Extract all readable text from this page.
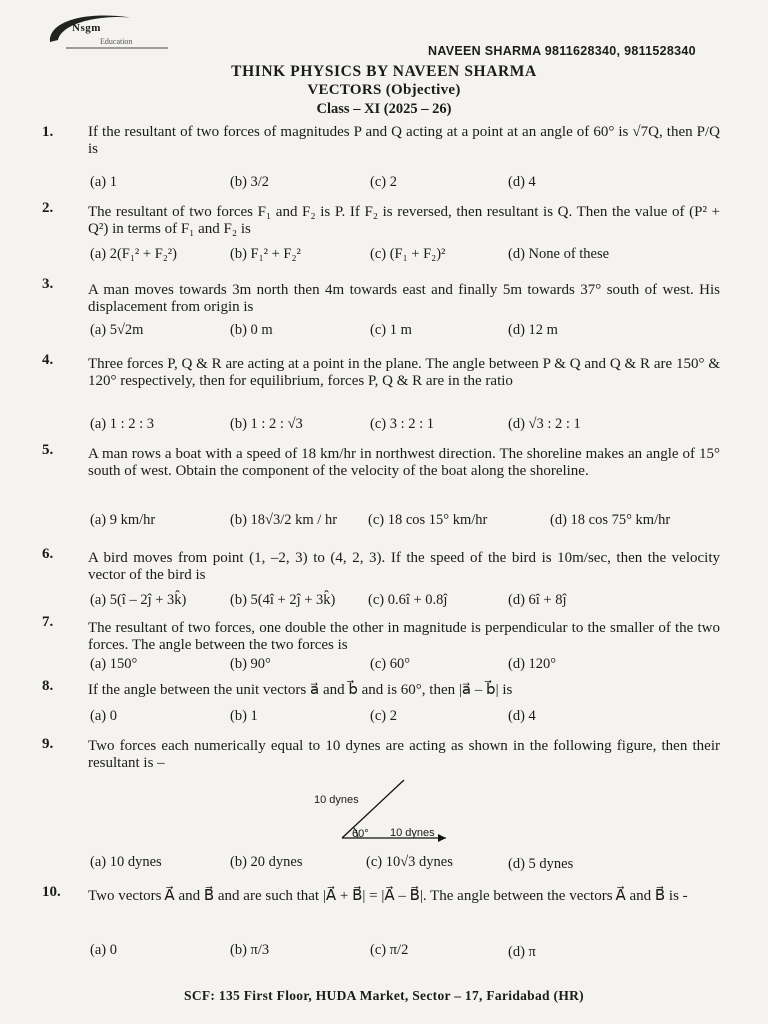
Nsgm
Education
NAVEEN SHARMA 9811628340, 9811528340
THINK PHYSICS BY NAVEEN SHARMA
VECTORS (Objective)
Class – XI (2025 – 26)
1. If the resultant of two forces of magnitudes P and Q acting at a point at an angle of 60° is √7Q, then P/Q is
(a) 1	(b) 3/2	(c) 2	(d) 4
2. The resultant of two forces F₁ and F₂ is P. If F₂ is reversed, then resultant is Q. Then the value of (P² + Q²) in terms of F₁ and F₂ is
(a) 2(F₁² + F₂²)	(b) F₁² + F₂²	(c) (F₁ + F₂)²	(d) None of these
3. A man moves towards 3m north then 4m towards east and finally 5m towards 37° south of west. His displacement from origin is
(a) 5√2m	(b) 0 m	(c) 1 m	(d) 12 m
4. Three forces P, Q & R are acting at a point in the plane. The angle between P & Q and Q & R are 150° & 120° respectively, then for equilibrium, forces P, Q & R are in the ratio
(a) 1 : 2 : 3	(b) 1 : 2 : √3	(c) 3 : 2 : 1	(d) √3 : 2 : 1
5. A man rows a boat with a speed of 18 km/hr in northwest direction. The shoreline makes an angle of 15° south of west. Obtain the component of the velocity of the boat along the shoreline.
(a) 9 km/hr	(b) 18√3/2 km / hr (c) 18 cos 15° km/hr	(d) 18 cos 75° km/hr
6. A bird moves from point (1, –2, 3) to (4, 2, 3). If the speed of the bird is 10m/sec, then the velocity vector of the bird is
(a) 5(î – 2ĵ + 3k̂)	(b) 5(4î + 2ĵ + 3k̂) (c) 0.6î + 0.8ĵ	(d) 6î + 8ĵ
7. The resultant of two forces, one double the other in magnitude is perpendicular to the smaller of the two forces. The angle between the two forces is
(a) 150°	(b) 90°	(c) 60°	(d) 120°
8. If the angle between the unit vectors a⃗ and b⃗ and is 60°, then |a⃗ – b⃗| is
(a) 0	(b) 1	(c) 2	(d) 4
9. Two forces each numerically equal to 10 dynes are acting as shown in the following figure, then their resultant is –
(a) 10 dynes	(b) 20 dynes	(c) 10√3 dynes	(d) 5 dynes
10 dynes
60° 10 dynes
10. Two vectors A⃗ and B⃗ and are such that |A⃗ + B⃗| = |A⃗ – B⃗|. The angle between the vectors A⃗ and B⃗ is -
(a) 0	(b) π/3	(c) π/2	(d) π
SCF: 135 First Floor, HUDA Market, Sector – 17, Faridabad (HR)
